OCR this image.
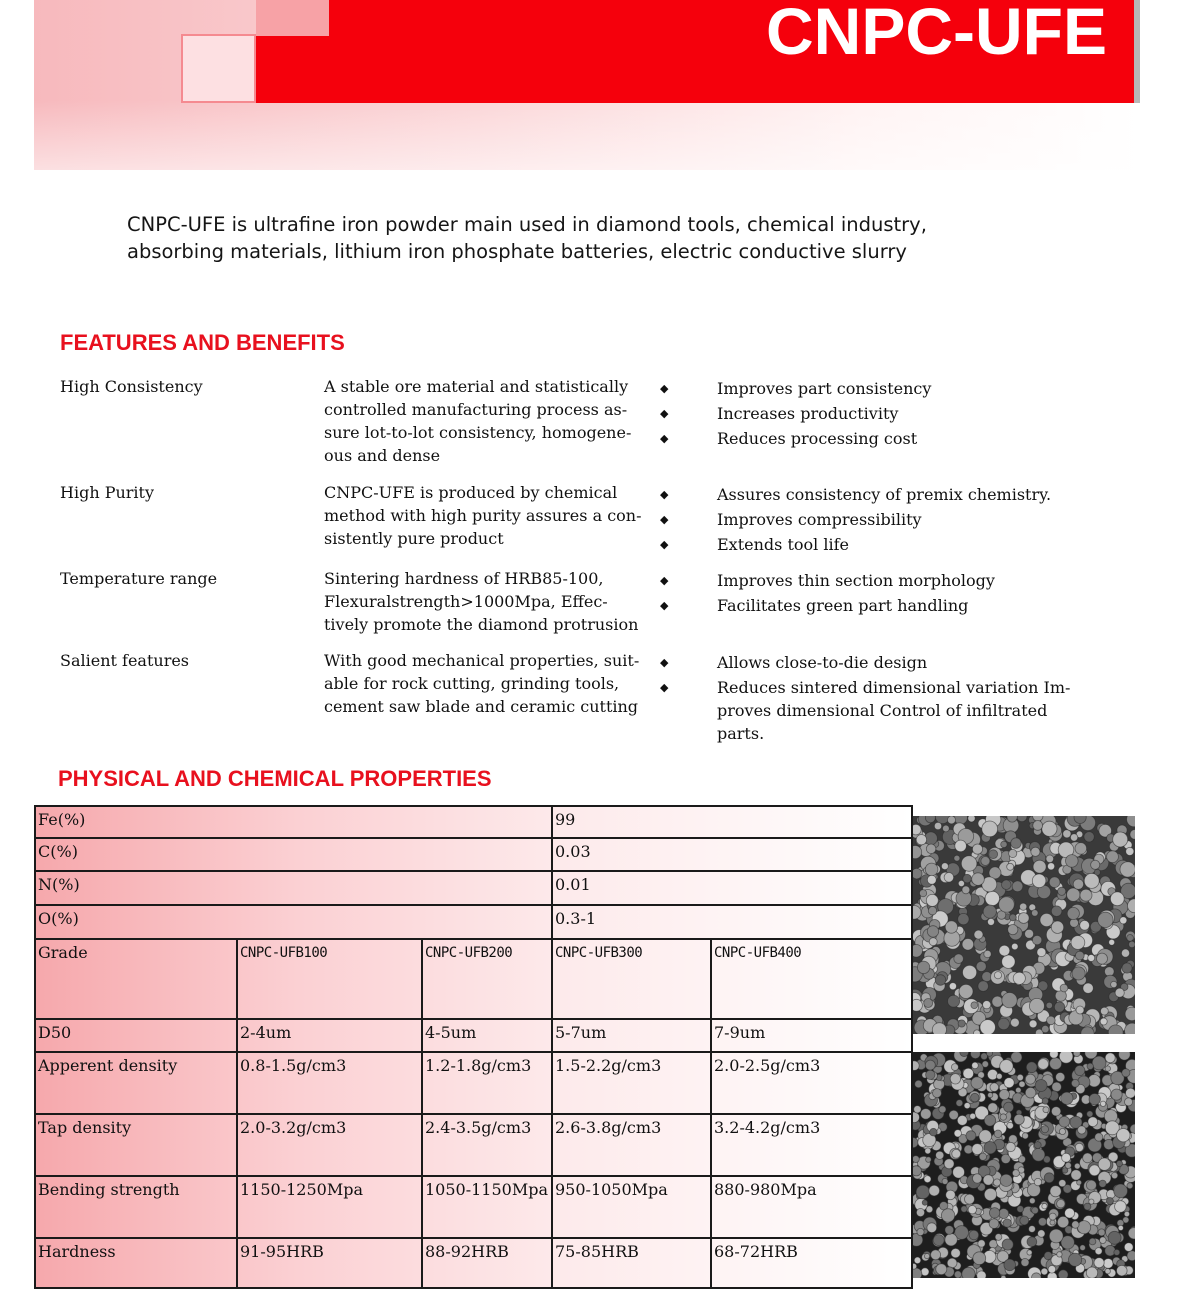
CNPC-UFE
CNPC-UFE is ultrafine iron powder main used in diamond tools, chemical industry,
absorbing materials, lithium iron phosphate batteries, electric conductive slurry
FEATURES AND BENEFITS
High Consistency	A stable ore material and statistically controlled manufacturing process as-sure lot-to-lot consistency, homogene-ous and dense
◆	Improves part consistency
◆	Increases productivity
◆	Reduces processing cost
High Purity	CNPC-UFE is produced by chemical method with high purity assures a con-sistently pure product
◆	Assures consistency of premix chemistry.
◆	Improves compressibility
◆	Extends tool life
Temperature range	Sintering hardness of HRB85-100, Flexuralstrength>1000Mpa, Effec-tively promote the diamond protrusion
◆	Improves thin section morphology
◆	Facilitates green part handling
Salient features	With good mechanical properties, suit-able for rock cutting, grinding tools, cement saw blade and ceramic cutting
◆	Allows close-to-die design
◆	Reduces sintered dimensional variation Im-proves dimensional Control of infiltrated parts.
PHYSICAL AND CHEMICAL PROPERTIES
Fe(%)			99	
C(%)			0.03	
N(%)			0.01	
O(%)			0.3-1	
Grade	CNPC-UFB100	CNPC-UFB200	CNPC-UFB300	CNPC-UFB400
D50	2-4um	4-5um	5-7um	7-9um
Apperent density	0.8-1.5g/cm3	1.2-1.8g/cm3	1.5-2.2g/cm3	2.0-2.5g/cm3
Tap density	2.0-3.2g/cm3	2.4-3.5g/cm3	2.6-3.8g/cm3	3.2-4.2g/cm3
Bending strength	1150-1250Mpa	1050-1150Mpa	950-1050Mpa	880-980Mpa
Hardness	91-95HRB	88-92HRB	75-85HRB	68-72HRB
